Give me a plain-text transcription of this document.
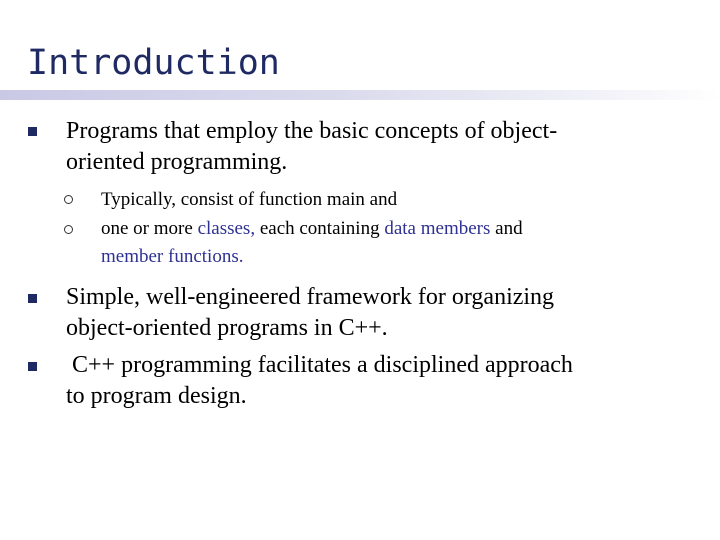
Introduction

Programs that employ the basic concepts of object-

oriented programming.

Typically, consist of function main and

one or more classes, each containing data members and

member functions.

Simple, well-engineered framework for organizing

object-oriented programs in C++.

C++ programming facilitates a disciplined approach

to program design.
